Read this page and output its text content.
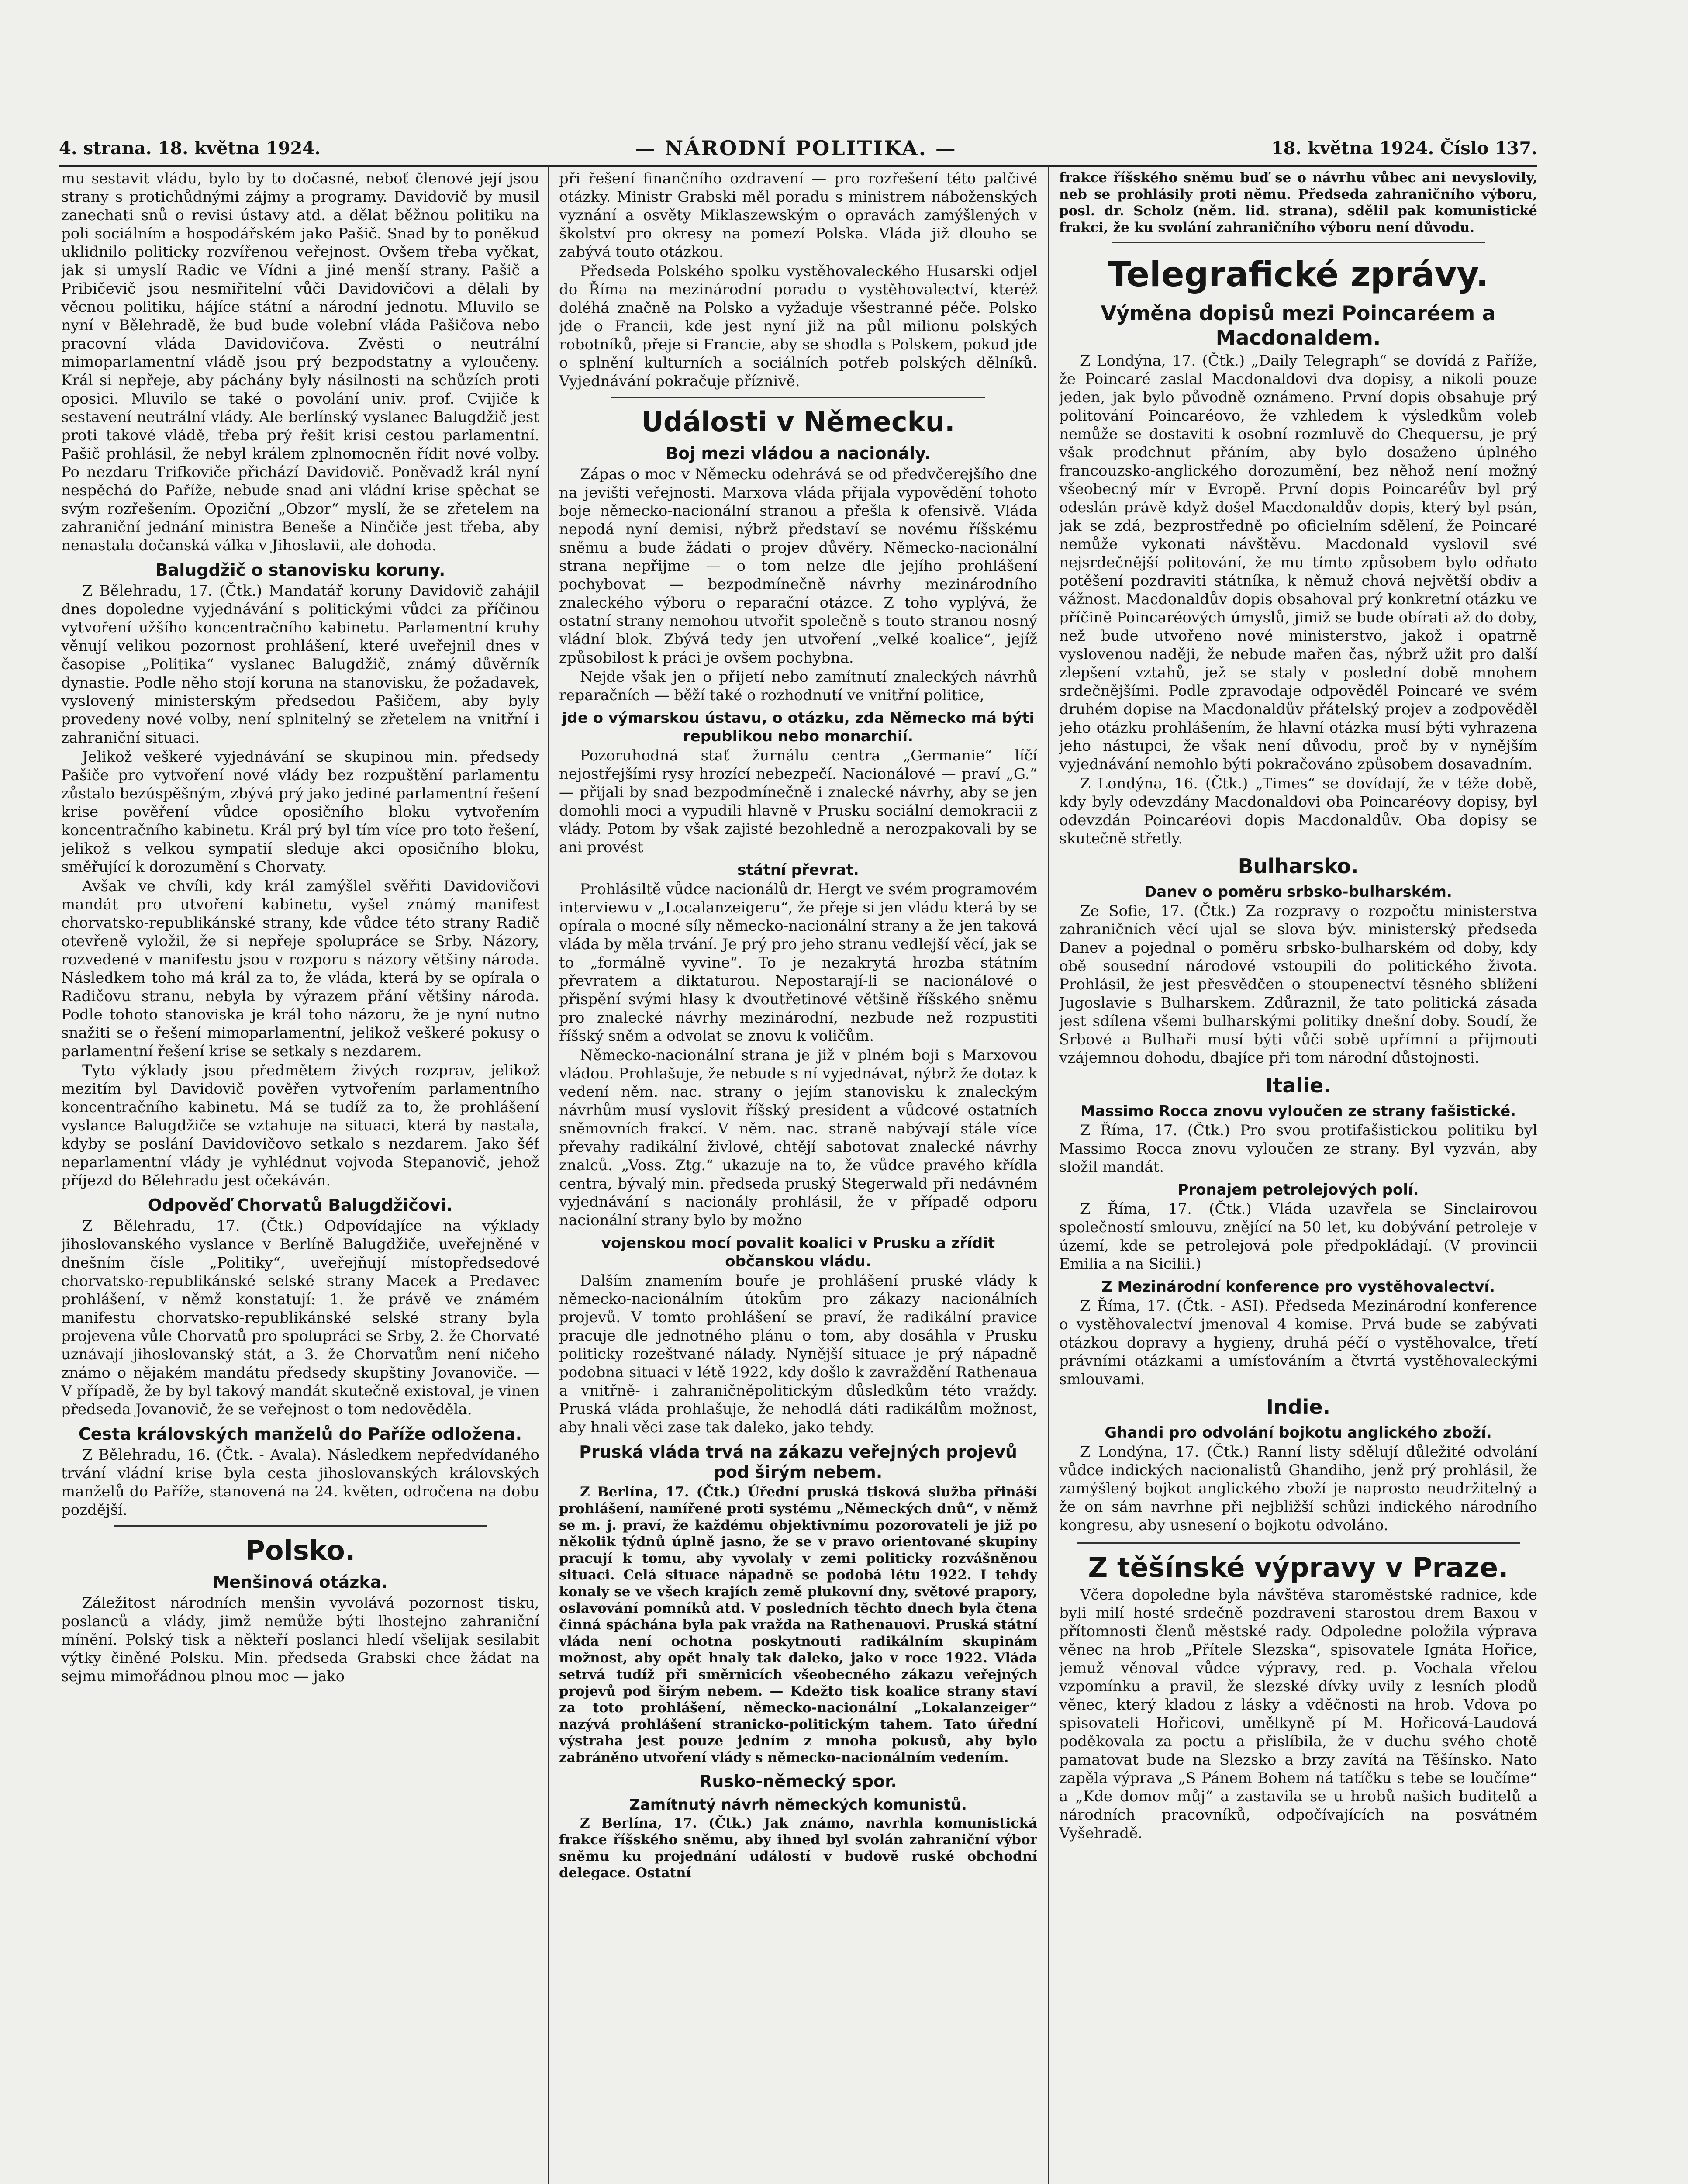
4. strana. 18. května 1924.	— NÁRODNÍ POLITIKA. —	18. května 1924. Číslo 137.

mu sestavit vládu, bylo by to dočasné, neboť členové její jsou strany s protichůdnými zájmy a programy. Davidovič by musil zanechati snů o revisi ústavy atd. a dělat běžnou politiku na poli sociálním a hospodářském jako Pašič. Snad by to poněkud uklidnilo politicky rozvířenou veřejnost. Ovšem třeba vyčkat, jak si umyslí Radic ve Vídni a jiné menší strany. Pašič a Pribičevič jsou nesmiřitelní vůči Davidovičovi a dělali by věcnou politiku, hájíce státní a národní jednotu. Mluvilo se nyní v Bělehradě, že bud bude volební vláda Pašičova nebo pracovní vláda Davidovičova. Zvěsti o neutrální mimoparlamentní vládě jsou prý bezpodstatny a vyloučeny. Král si nepřeje, aby páchány byly násilnosti na schůzích proti oposici. Mluvilo se také o povolání univ. prof. Cvijiče k sestavení neutrální vlády. Ale berlínský vyslanec Balugdžič jest proti takové vládě, třeba prý řešit krisi cestou parlamentní. Pašič prohlásil, že nebyl králem zplnomocněn řídit nové volby. Po nezdaru Trifkoviče přichází Davidovič. Poněvadž král nyní nespěchá do Paříže, nebude snad ani vládní krise spěchat se svým rozřešením. Opoziční „Obzor“ myslí, že se zřetelem na zahraniční jednání ministra Beneše a Ninčiče jest třeba, aby nenastala dočanská válka v Jihoslavii, ale dohoda.

Balugdžič o stanovisku koruny.

Z Bělehradu, 17. (Čtk.) Mandatář koruny Davidovič zahájil dnes dopoledne vyjednávání s politickými vůdci za příčinou vytvoření užšího koncentračního kabinetu. Parlamentní kruhy věnují velikou pozornost prohlášení, které uveřejnil dnes v časopise „Politika“ vyslanec Balugdžič, známý důvěrník dynastie. Podle něho stojí koruna na stanovisku, že požadavek, vyslovený ministerským předsedou Pašičem, aby byly provedeny nové volby, není splnitelný se zřetelem na vnitřní i zahraniční situaci.

Jelikož veškeré vyjednávání se skupinou min. předsedy Pašiče pro vytvoření nové vlády bez rozpuštění parlamentu zůstalo bezúspěšným, zbývá prý jako jediné parlamentní řešení krise pověření vůdce oposičního bloku vytvořením koncentračního kabinetu. Král prý byl tím více pro toto řešení, jelikož s velkou sympatií sleduje akci oposičního bloku, směřující k dorozumění s Chorvaty.

Avšak ve chvíli, kdy král zamýšlel svěřiti Davidovičovi mandát pro utvoření kabinetu, vyšel známý manifest chorvatsko-republikánské strany, kde vůdce této strany Radič otevřeně vyložil, že si nepřeje spolupráce se Srby. Názory, rozvedené v manifestu jsou v rozporu s názory většiny národa. Následkem toho má král za to, že vláda, která by se opírala o Radičovu stranu, nebyla by výrazem přání většiny národa. Podle tohoto stanoviska je král toho názoru, že je nyní nutno snažiti se o řešení mimoparlamentní, jelikož veškeré pokusy o parlamentní řešení krise se setkaly s nezdarem.

Tyto výklady jsou předmětem živých rozprav, jelikož mezitím byl Davidovič pověřen vytvořením parlamentního koncentračního kabinetu. Má se tudíž za to, že prohlášení vyslance Balugdžiče se vztahuje na situaci, která by nastala, kdyby se poslání Davidovičovo setkalo s nezdarem. Jako šéf neparlamentní vlády je vyhlédnut vojvoda Stepanovič, jehož příjezd do Bělehradu jest očekáván.

Odpověď Chorvatů Balugdžičovi.

Z Bělehradu, 17. (Čtk.) Odpovídajíce na výklady jihoslovanského vyslance v Berlíně Balugdžiče, uveřejněné v dnešním čísle „Politiky“, uveřejňují místopředsedové chorvatsko-republikánské selské strany Macek a Predavec prohlášení, v němž konstatují: 1. že právě ve známém manifestu chorvatsko-republikánské selské strany byla projevena vůle Chorvatů pro spolupráci se Srby, 2. že Chorvaté uznávají jihoslovanský stát, a 3. že Chorvatům není ničeho známo o nějakém mandátu předsedy skupštiny Jovanoviče. — V případě, že by byl takový mandát skutečně existoval, je vinen předseda Jovanovič, že se veřejnost o tom nedověděla.

Cesta královských manželů do Paříže odložena.

Z Bělehradu, 16. (Čtk. - Avala). Následkem nepředvídaného trvání vládní krise byla cesta jihoslovanských královských manželů do Paříže, stanovená na 24. květen, odročena na dobu pozdější.

Polsko.
Menšinová otázka.

Záležitost národních menšin vyvolává pozornost tisku, poslanců a vlády, jimž nemůže býti lhostejno zahraniční mínění. Polský tisk a někteří poslanci hledí všelijak sesilabit výtky činěné Polsku. Min. předseda Grabski chce žádat na sejmu mimořádnou plnou moc — jako

při řešení finančního ozdravení — pro rozřešení této palčivé otázky. Ministr Grabski měl poradu s ministrem náboženských vyznání a osvěty Miklaszewským o opravách zamýšlených v školství pro okresy na pomezí Polska. Vláda již dlouho se zabývá touto otázkou.

Předseda Polského spolku vystěhovaleckého Husarski odjel do Říma na mezinárodní poradu o vystěhovalectví, kteréž doléhá značně na Polsko a vyžaduje všestranné péče. Polsko jde o Francii, kde jest nyní již na půl milionu polských robotníků, přeje si Francie, aby se shodla s Polskem, pokud jde o splnění kulturních a sociálních potřeb polských dělníků. Vyjednávání pokračuje příznivě.

Události v Německu.
Boj mezi vládou a nacionály.

Zápas o moc v Německu odehrává se od předvčerejšího dne na jevišti veřejnosti. Marxova vláda přijala vypovědění tohoto boje německo-nacionální stranou a přešla k ofensivě. Vláda nepodá nyní demisi, nýbrž představí se novému říšskému sněmu a bude žádati o projev důvěry. Německo-nacionální strana nepřijme — o tom nelze dle jejího prohlášení pochybovat — bezpodmínečně návrhy mezinárodního znaleckého výboru o reparační otázce. Z toho vyplývá, že ostatní strany nemohou utvořit společně s touto stranou nosný vládní blok. Zbývá tedy jen utvoření „velké koalice“, jejíž způsobilost k práci je ovšem pochybna.

Nejde však jen o přijetí nebo zamítnutí znaleckých návrhů reparačních — běží také o rozhodnutí ve vnitřní politice,

jde o výmarskou ústavu, o otázku, zda Německo má býti republikou nebo monarchií.

Pozoruhodná stať žurnálu centra „Germanie“ líčí nejostřejšími rysy hrozící nebezpečí. Nacionálové — praví „G.“ — přijali by snad bezpodmínečně i znalecké návrhy, aby se jen domohli moci a vypudili hlavně v Prusku sociální demokracii z vlády. Potom by však zajisté bezohledně a nerozpakovali by se ani provést

státní převrat.

Prohlásiltě vůdce nacionálů dr. Hergt ve svém programovém interviewu v „Localanzeigeru“, že přeje si jen vládu která by se opírala o mocné síly německo-nacionální strany a že jen taková vláda by měla trvání. Je prý pro jeho stranu vedlejší věcí, jak se to „formálně vyvine“. To je nezakrytá hrozba státním převratem a diktaturou. Nepostarají-li se nacionálové o přispění svými hlasy k dvoutřetinové většině říšského sněmu pro znalecké návrhy mezinárodní, nezbude než rozpustiti říšský sněm a odvolat se znovu k voličům.

Německo-nacionální strana je již v plném boji s Marxovou vládou. Prohlašuje, že nebude s ní vyjednávat, nýbrž že dotaz k vedení něm. nac. strany o jejím stanovisku k znaleckým návrhům musí vyslovit říšský president a vůdcové ostatních sněmovních frakcí. V něm. nac. straně nabývají stále více převahy radikální živlové, chtějí sabotovat znalecké návrhy znalců. „Voss. Ztg.“ ukazuje na to, že vůdce pravého křídla centra, bývalý min. předseda pruský Stegerwald při nedávném vyjednávání s nacionály prohlásil, že v případě odporu nacionální strany bylo by možno

vojenskou mocí povalit koalici v Prusku a zřídit občanskou vládu.

Dalším znamením bouře je prohlášení pruské vlády k německo-nacionálním útokům pro zákazy nacionálních projevů. V tomto prohlášení se praví, že radikální pravice pracuje dle jednotného plánu o tom, aby dosáhla v Prusku politicky rozeštvané nálady. Nynější situace je prý nápadně podobna situaci v létě 1922, kdy došlo k zavraždění Rathenaua a vnitřně- i zahraničněpolitickým důsledkům této vraždy. Pruská vláda prohlašuje, že nehodlá dáti radikálům možnost, aby hnali věci zase tak daleko, jako tehdy.

Pruská vláda trvá na zákazu veřejných projevů pod širým nebem.

Z Berlína, 17. (Čtk.) Úřední pruská tisková služba přináší prohlášení, namířené proti systému „Německých dnů“, v němž se m. j. praví, že každému objektivnímu pozorovateli je již po několik týdnů úplně jasno, že se v pravo orientované skupiny pracují k tomu, aby vyvolaly v zemi politicky rozvášněnou situaci. Celá situace nápadně se podobá létu 1922. I tehdy konaly se ve všech krajích země plukovní dny, světové prapory, oslavování pomníků atd. V posledních těchto dnech byla čtena činná spáchána byla pak vražda na Rathenauovi. Pruská státní vláda není ochotna poskytnouti radikálním skupinám možnost, aby opět hnaly tak daleko, jako v roce 1922. Vláda setrvá tudíž při směrnicích všeobecného zákazu veřejných projevů pod širým nebem. — Kdežto tisk koalice strany staví za toto prohlášení, německo-nacionální „Lokalanzeiger“ nazývá prohlášení stranicko-politickým tahem. Tato úřední výstraha jest pouze jedním z mnoha pokusů, aby bylo zabráněno utvoření vlády s německo-nacionálním vedením.

Rusko-německý spor.
Zamítnutý návrh německých komunistů.

Z Berlína, 17. (Čtk.) Jak známo, navrhla komunistická frakce říšského sněmu, aby ihned byl svolán zahraniční výbor sněmu ku projednání událostí v budově ruské obchodní delegace. Ostatní

frakce říšského sněmu buď se o návrhu vůbec ani nevyslovily, neb se prohlásily proti němu. Předseda zahraničního výboru, posl. dr. Scholz (něm. lid. strana), sdělil pak komunistické frakci, že ku svolání zahraničního výboru není důvodu.

Telegrafické zprávy.
Výměna dopisů mezi Poincaréem a Macdonaldem.

Z Londýna, 17. (Čtk.) „Daily Telegraph“ se dovídá z Paříže, že Poincaré zaslal Macdonaldovi dva dopisy, a nikoli pouze jeden, jak bylo původně oznámeno. První dopis obsahuje prý politování Poincaréovo, že vzhledem k výsledkům voleb nemůže se dostaviti k osobní rozmluvě do Chequersu, je prý však prodchnut přáním, aby bylo dosaženo úplného francouzsko-anglického dorozumění, bez něhož není možný všeobecný mír v Evropě. První dopis Poincaréův byl prý odeslán právě když došel Macdonaldův dopis, který byl psán, jak se zdá, bezprostředně po oficielním sdělení, že Poincaré nemůže vykonati návštěvu. Macdonald vyslovil své nejsrdečnější politování, že mu tímto způsobem bylo odňato potěšení pozdraviti státníka, k němuž chová největší obdiv a vážnost. Macdonaldův dopis obsahoval prý konkretní otázku ve příčině Poincaréových úmyslů, jimiž se bude obírati až do doby, než bude utvořeno nové ministerstvo, jakož i opatrně vyslovenou naději, že nebude mařen čas, nýbrž užit pro další zlepšení vztahů, jež se staly v poslední době mnohem srdečnějšími. Podle zpravodaje odpověděl Poincaré ve svém druhém dopise na Macdonaldův přátelský projev a zodpověděl jeho otázku prohlášením, že hlavní otázka musí býti vyhrazena jeho nástupci, že však není důvodu, proč by v nynějším vyjednávání nemohlo býti pokračováno způsobem dosavadním.

Z Londýna, 16. (Čtk.) „Times“ se dovídají, že v téže době, kdy byly odevzdány Macdonaldovi oba Poincaréovy dopisy, byl odevzdán Poincaréovi dopis Macdonaldův. Oba dopisy se skutečně střetly.

Bulharsko.
Danev o poměru srbsko-bulharském.

Ze Sofie, 17. (Čtk.) Za rozpravy o rozpočtu ministerstva zahraničních věcí ujal se slova býv. ministerský předseda Danev a pojednal o poměru srbsko-bulharském od doby, kdy obě sousední národové vstoupili do politického života. Prohlásil, že jest přesvědčen o stoupenectví těsného sblížení Jugoslavie s Bulharskem. Zdůraznil, že tato politická zásada jest sdílena všemi bulharskými politiky dnešní doby. Soudí, že Srbové a Bulhaři musí býti vůči sobě upřímní a přijmouti vzájemnou dohodu, dbajíce při tom národní důstojnosti.

Italie.
Massimo Rocca znovu vyloučen ze strany fašistické.

Z Říma, 17. (Čtk.) Pro svou protifašistickou politiku byl Massimo Rocca znovu vyloučen ze strany. Byl vyzván, aby složil mandát.

Pronajem petrolejových polí.

Z Říma, 17. (Čtk.) Vláda uzavřela se Sinclairovou společností smlouvu, znějící na 50 let, ku dobývání petroleje v území, kde se petrolejová pole předpokládají. (V provincii Emilia a na Sicilii.)

Z Mezinárodní konference pro vystěhovalectví.

Z Říma, 17. (Čtk. - ASI). Předseda Mezinárodní konference o vystěhovalectví jmenoval 4 komise. Prvá bude se zabývati otázkou dopravy a hygieny, druhá péčí o vystěhovalce, třetí právními otázkami a umísťováním a čtvrtá vystěhovaleckými smlouvami.

Indie.
Ghandi pro odvolání bojkotu anglického zboží.

Z Londýna, 17. (Čtk.) Ranní listy sdělují důležité odvolání vůdce indických nacionalistů Ghandiho, jenž prý prohlásil, že zamýšlený bojkot anglického zboží je naprosto neudržitelný a že on sám navrhne při nejbližší schůzi indického národního kongresu, aby usnesení o bojkotu odvoláno.

Z těšínské výpravy v Praze.

Včera dopoledne byla návštěva staroměstské radnice, kde byli milí hosté srdečně pozdraveni starostou drem Baxou v přítomnosti členů městské rady. Odpoledne položila výprava věnec na hrob „Přítele Slezska“, spisovatele Ignáta Hořice, jemuž věnoval vůdce výpravy, red. p. Vochala vřelou vzpomínku a pravil, že slezské dívky uvily z lesních plodů věnec, který kladou z lásky a vděčnosti na hrob. Vdova po spisovateli Hořicovi, umělkyně pí M. Hořicová-Laudová poděkovala za poctu a přislíbila, že v duchu svého chotě pamatovat bude na Slezsko a brzy zavítá na Těšínsko. Nato zapěla výprava „S Pánem Bohem ná tatíčku s tebe se loučíme“ a „Kde domov můj“ a zastavila se u hrobů našich buditelů a národních pracovníků, odpočívajících na posvátném Vyšehradě.
